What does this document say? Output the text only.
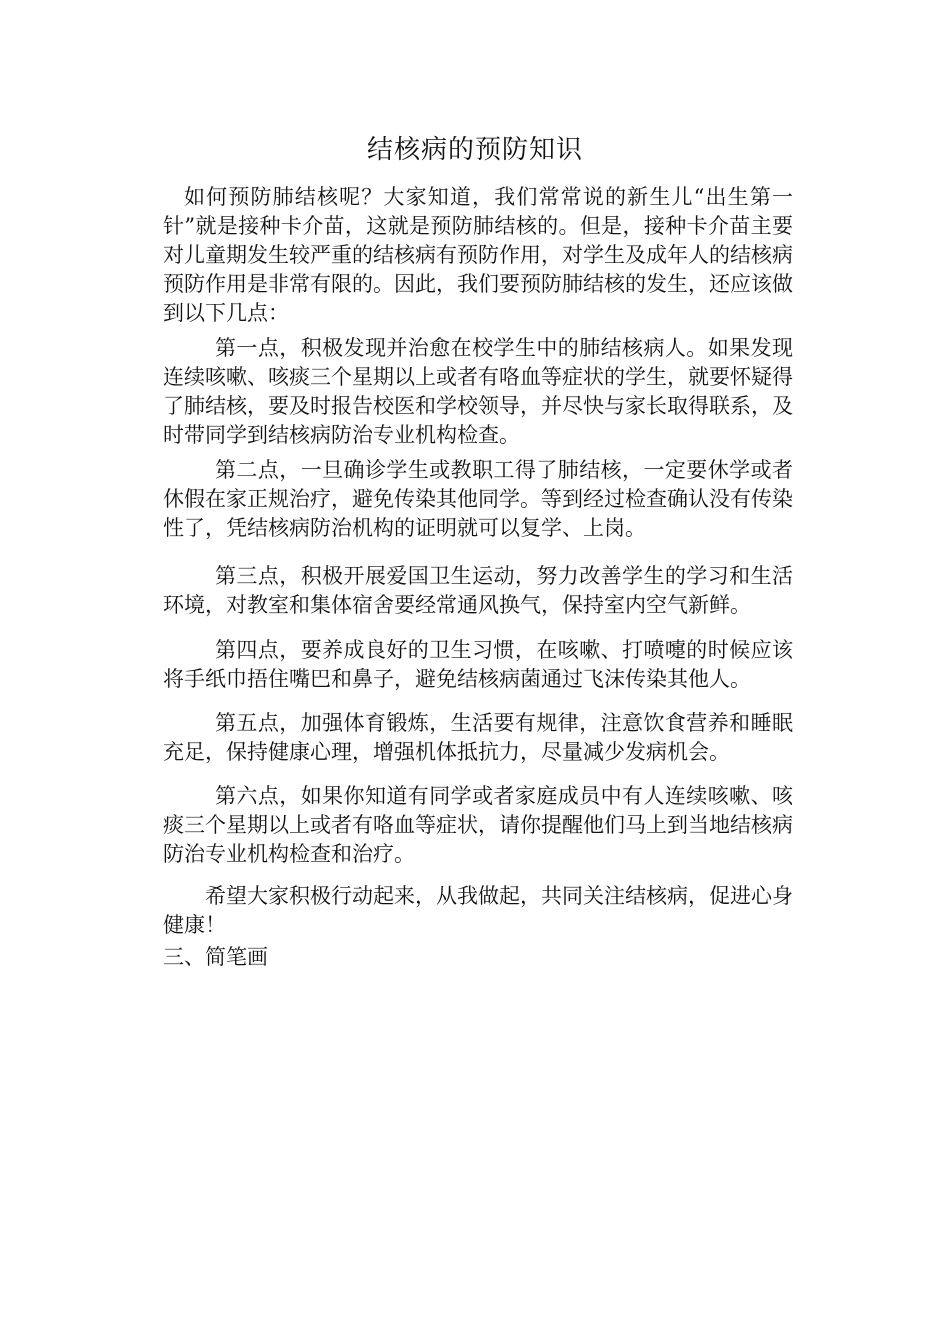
结核病的预防知识
如何预防肺结核呢？大家知道，我们常常说的新生儿“出生第一针”就是接种卡介苗，这就是预防肺结核的。但是，接种卡介苗主要对儿童期发生较严重的结核病有预防作用，对学生及成年人的结核病预防作用是非常有限的。因此，我们要预防肺结核的发生，还应该做到以下几点：
第一点，积极发现并治愈在校学生中的肺结核病人。如果发现连续咳嗽、咳痰三个星期以上或者有咯血等症状的学生，就要怀疑得了肺结核，要及时报告校医和学校领导，并尽快与家长取得联系，及时带同学到结核病防治专业机构检查。
第二点，一旦确诊学生或教职工得了肺结核，一定要休学或者休假在家正规治疗，避免传染其他同学。等到经过检查确认没有传染性了，凭结核病防治机构的证明就可以复学、上岗。
第三点，积极开展爱国卫生运动，努力改善学生的学习和生活环境，对教室和集体宿舍要经常通风换气，保持室内空气新鲜。
第四点，要养成良好的卫生习惯，在咳嗽、打喷嚏的时候应该将手纸巾捂住嘴巴和鼻子，避免结核病菌通过飞沫传染其他人。
第五点，加强体育锻炼，生活要有规律，注意饮食营养和睡眠充足，保持健康心理，增强机体抵抗力，尽量减少发病机会。
第六点，如果你知道有同学或者家庭成员中有人连续咳嗽、咳痰三个星期以上或者有咯血等症状，请你提醒他们马上到当地结核病防治专业机构检查和治疗。
希望大家积极行动起来，从我做起，共同关注结核病，促进心身健康！
三、简笔画
